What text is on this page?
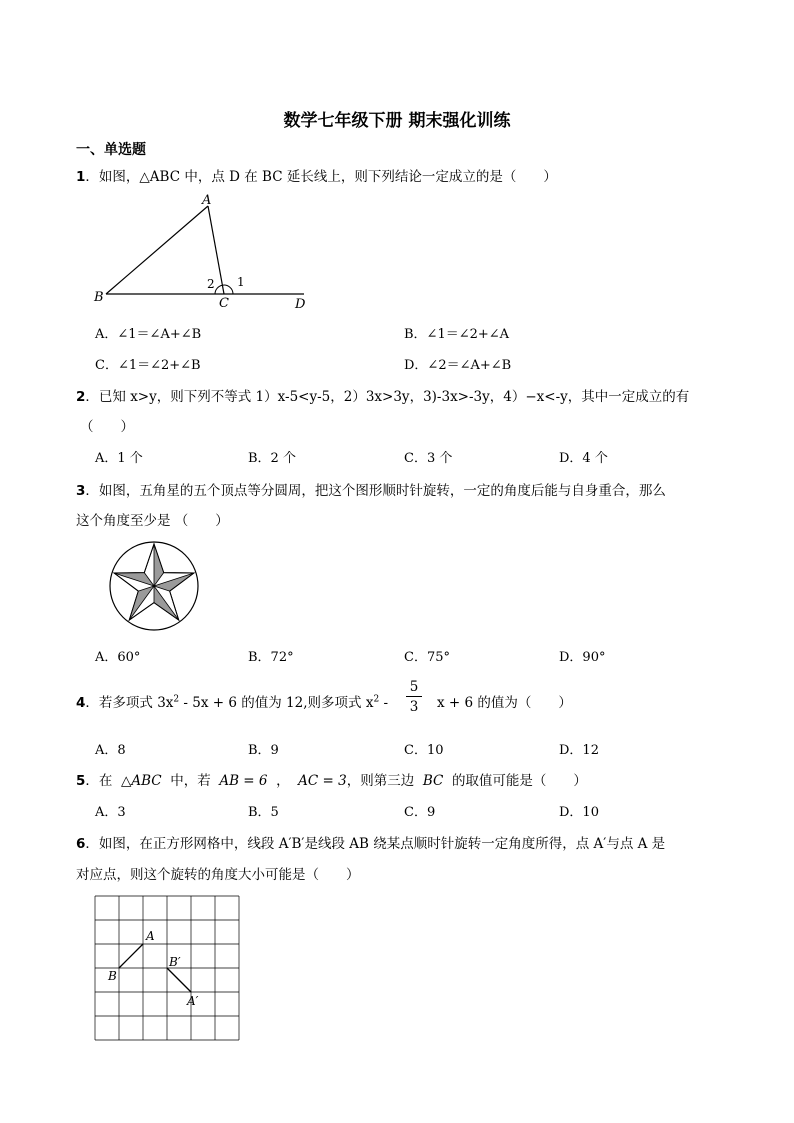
数学七年级下册 期末强化训练
一、单选题
1．如图，△ABC 中，点 D 在 BC 延长线上，则下列结论一定成立的是（　　）
A
B	C	D
1
2
A．∠1＝∠A+∠B	B．∠1＝∠2+∠A
C．∠1＝∠2+∠B	D．∠2＝∠A+∠B
2．已知 x>y，则下列不等式 1）x-5<y-5，2）3x>3y，3)-3x>-3y，4）−x<-y，其中一定成立的有
（　　）
A．1 个	B．2 个	C．3 个	D．4 个
3．如图，五角星的五个顶点等分圆周，把这个图形顺时针旋转，一定的角度后能与自身重合，那么
这个角度至少是 （　　）
A．60°	B．72°	C．75°	D．90°
4．若多项式 $3x^2 - 5x + 6$ 的值为 12,则多项式 $x^2 - \frac{5}{3}$ x + 6 的值为（　　）
A．8	B．9	C．10	D．12
5．在 △ABC 中，若 AB = 6 ， AC = 3，则第三边 BC 的取值可能是（　　）
A．3	B．5	C．9	D．10
6．如图，在正方形网格中，线段 A′B′是线段 AB 绕某点顺时针旋转一定角度所得，点 A′与点 A 是
对应点，则这个旋转的角度大小可能是（　　）
A
B
B′
A′
